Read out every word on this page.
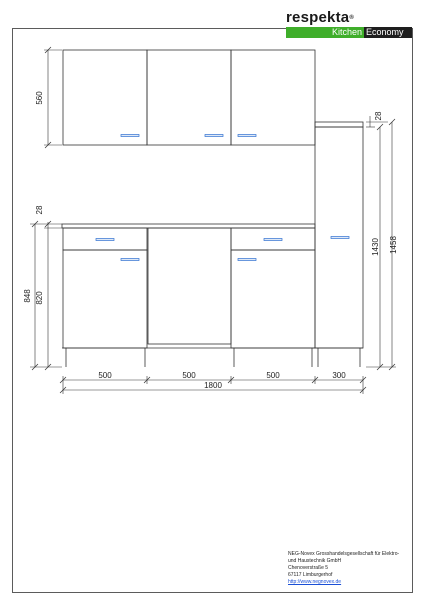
560
28
848 820
28
1430 1458
500	500	500	300
1800
respekta®
Kitchen Economy
NEG-Novex Grosshandelsgesellschaft für Elektro-
und Haustechnik GmbH
Chenoverstraße 5
67117 Limburgerhof
http://www.negnovex.de
